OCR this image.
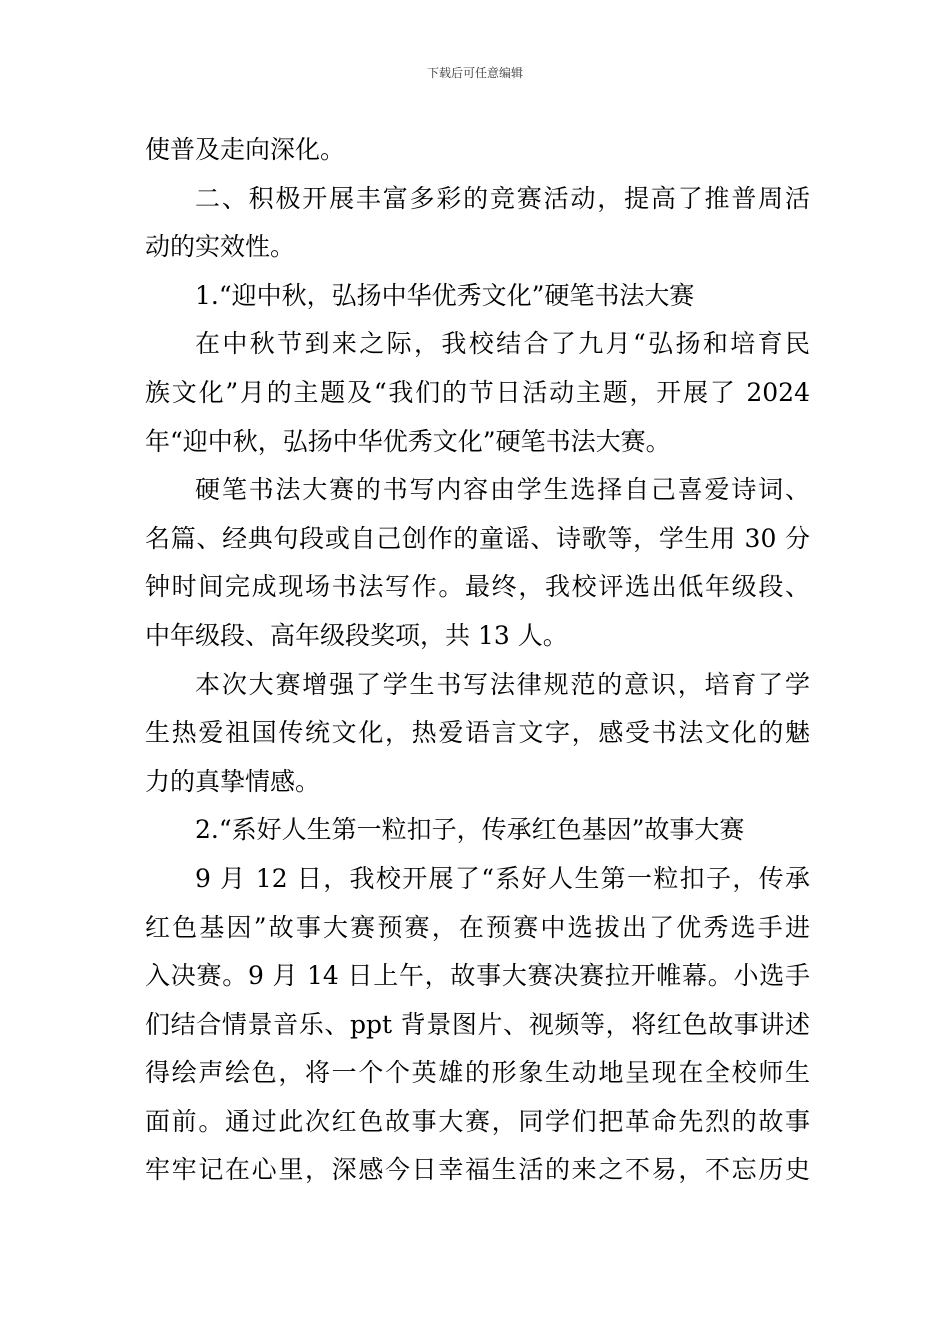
下载后可任意编辑
使普及走向深化。
二、积极开展丰富多彩的竞赛活动，提高了推普周活
动的实效性。
1.“迎中秋，弘扬中华优秀文化”硬笔书法大赛
在中秋节到来之际，我校结合了九月“弘扬和培育民
族文化”月的主题及“我们的节日活动主题，开展了 2024
年“迎中秋，弘扬中华优秀文化”硬笔书法大赛。
硬笔书法大赛的书写内容由学生选择自己喜爱诗词、
名篇、经典句段或自己创作的童谣、诗歌等，学生用 30 分
钟时间完成现场书法写作。最终，我校评选出低年级段、
中年级段、高年级段奖项，共 13 人。
本次大赛增强了学生书写法律规范的意识，培育了学
生热爱祖国传统文化，热爱语言文字，感受书法文化的魅
力的真挚情感。
2.“系好人生第一粒扣子，传承红色基因”故事大赛
9 月 12 日，我校开展了“系好人生第一粒扣子，传承
红色基因”故事大赛预赛，在预赛中选拔出了优秀选手进
入决赛。9 月 14 日上午，故事大赛决赛拉开帷幕。小选手
们结合情景音乐、ppt 背景图片、视频等，将红色故事讲述
得绘声绘色，将一个个英雄的形象生动地呈现在全校师生
面前。通过此次红色故事大赛，同学们把革命先烈的故事
牢牢记在心里，深感今日幸福生活的来之不易，不忘历史
